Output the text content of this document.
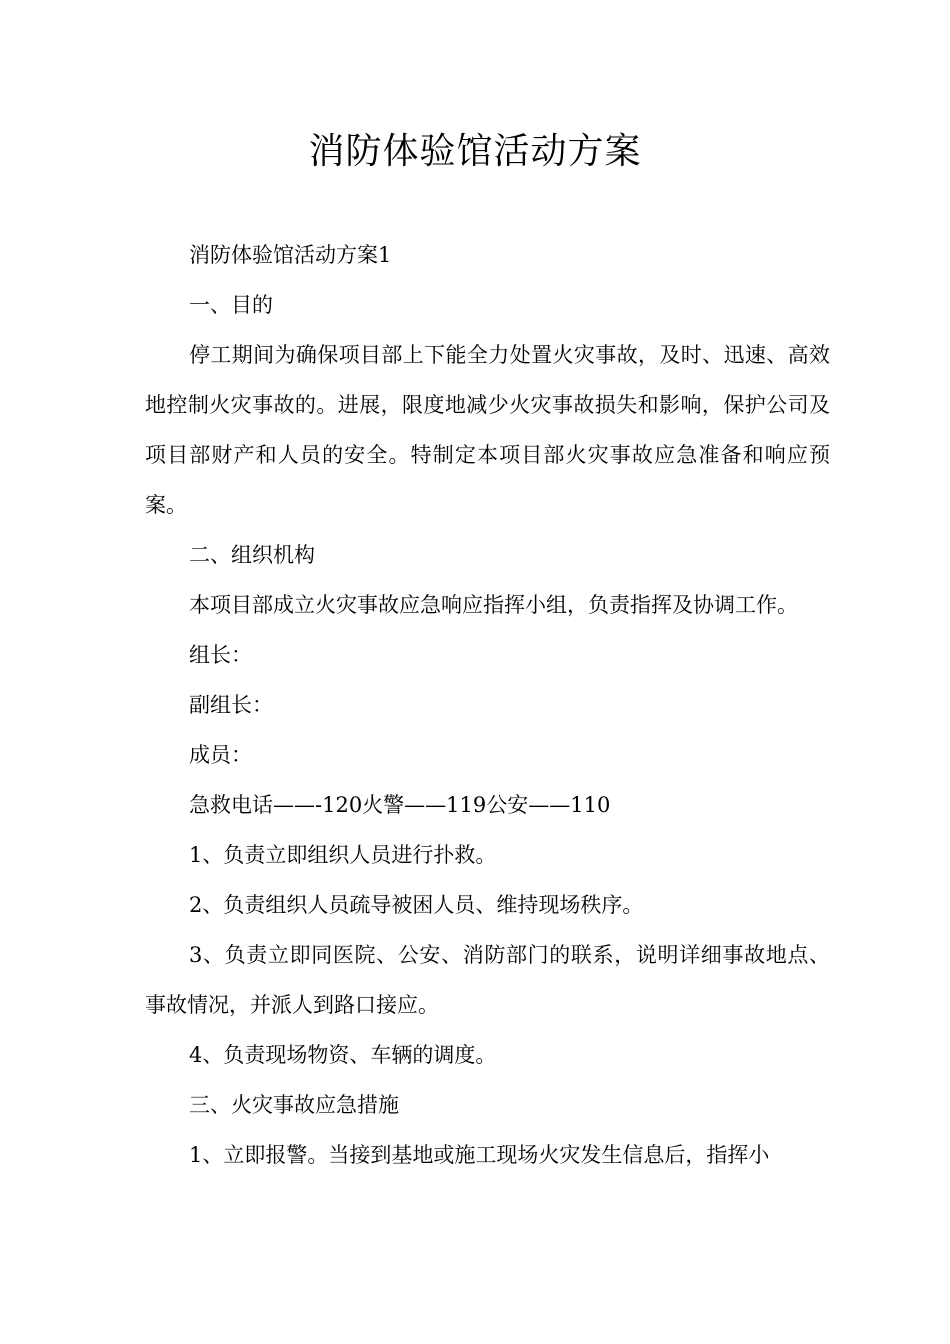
消防体验馆活动方案

消防体验馆活动方案1

一、目的

停工期间为确保项目部上下能全力处置火灾事故，及时、迅速、高效地控制火灾事故的。进展，限度地减少火灾事故损失和影响，保护公司及项目部财产和人员的安全。特制定本项目部火灾事故应急准备和响应预案。

二、组织机构

本项目部成立火灾事故应急响应指挥小组，负责指挥及协调工作。

组长：

副组长：

成员：

急救电话——-120火警——119公安——110

1、负责立即组织人员进行扑救。

2、负责组织人员疏导被困人员、维持现场秩序。

3、负责立即同医院、公安、消防部门的联系，说明详细事故地点、事故情况，并派人到路口接应。

4、负责现场物资、车辆的调度。

三、火灾事故应急措施

1、立即报警。当接到基地或施工现场火灾发生信息后，指挥小
